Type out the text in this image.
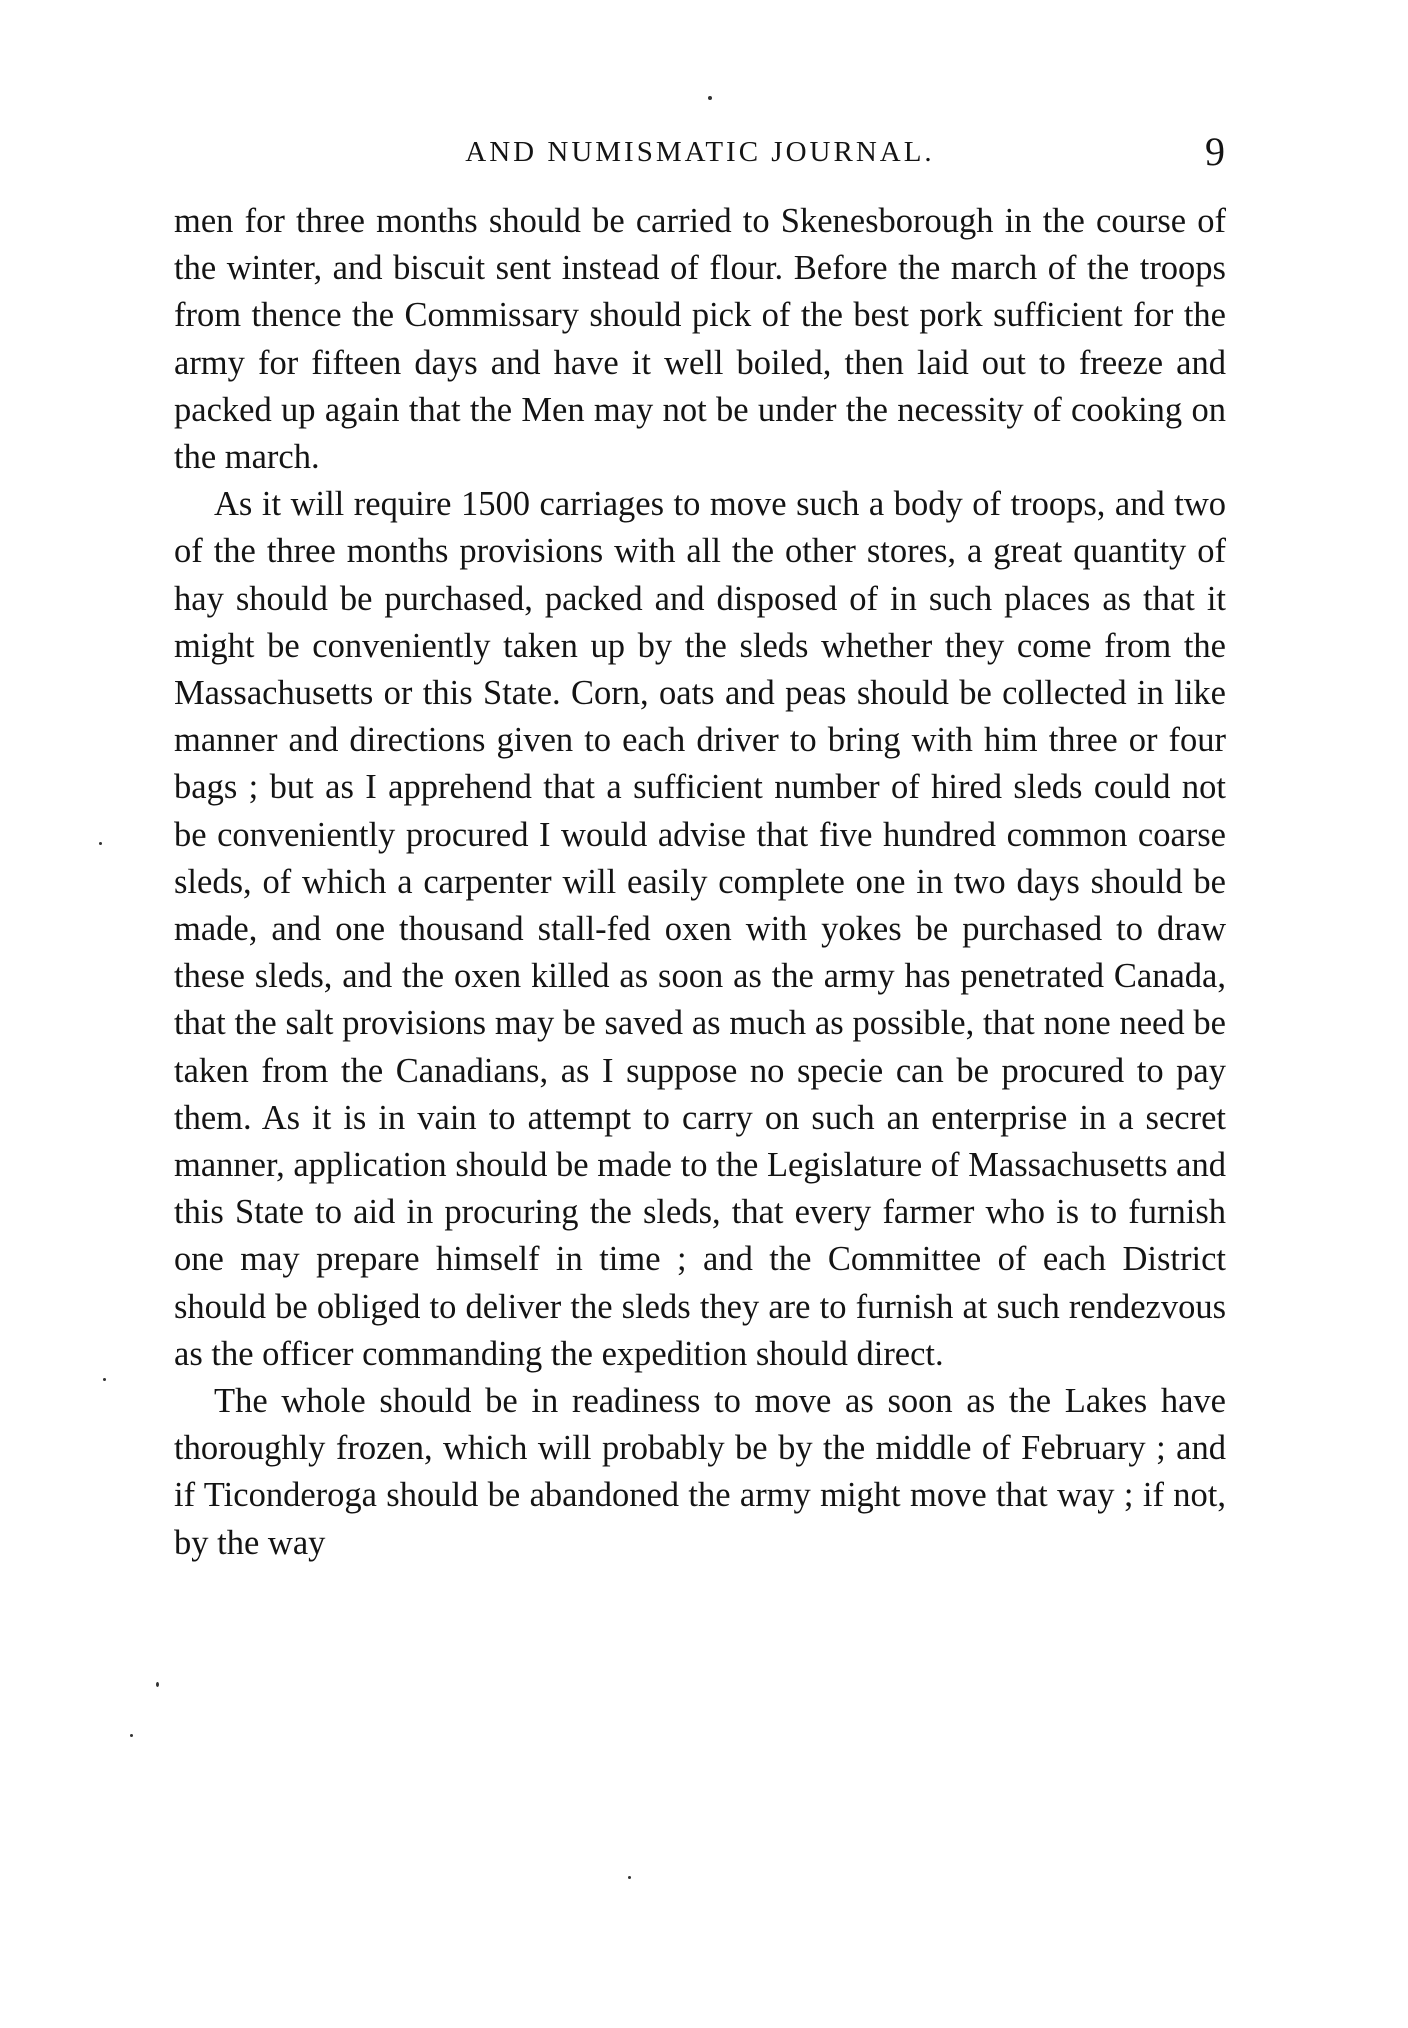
AND NUMISMATIC JOURNAL.	9

men for three months should be carried to Skenesborough in the course of the winter, and biscuit sent instead of flour. Before the march of the troops from thence the Commissary should pick of the best pork sufficient for the army for fifteen days and have it well boiled, then laid out to freeze and packed up again that the Men may not be under the necessity of cooking on the march.

As it will require 1500 carriages to move such a body of troops, and two of the three months provisions with all the other stores, a great quantity of hay should be purchased, packed and disposed of in such places as that it might be conveniently taken up by the sleds whether they come from the Massachusetts or this State. Corn, oats and peas should be collected in like manner and directions given to each driver to bring with him three or four bags ; but as I apprehend that a sufficient number of hired sleds could not be conveniently procured I would advise that five hundred common coarse sleds, of which a carpenter will easily complete one in two days should be made, and one thousand stall-fed oxen with yokes be purchased to draw these sleds, and the oxen killed as soon as the army has penetrated Canada, that the salt provisions may be saved as much as possible, that none need be taken from the Canadians, as I suppose no specie can be procured to pay them. As it is in vain to attempt to carry on such an enterprise in a secret manner, application should be made to the Legislature of Massachusetts and this State to aid in procuring the sleds, that every farmer who is to furnish one may prepare himself in time ; and the Committee of each District should be obliged to deliver the sleds they are to furnish at such rendezvous as the officer commanding the expedition should direct.

The whole should be in readiness to move as soon as the Lakes have thoroughly frozen, which will probably be by the middle of February ; and if Ticonderoga should be abandoned the army might move that way ; if not, by the way
